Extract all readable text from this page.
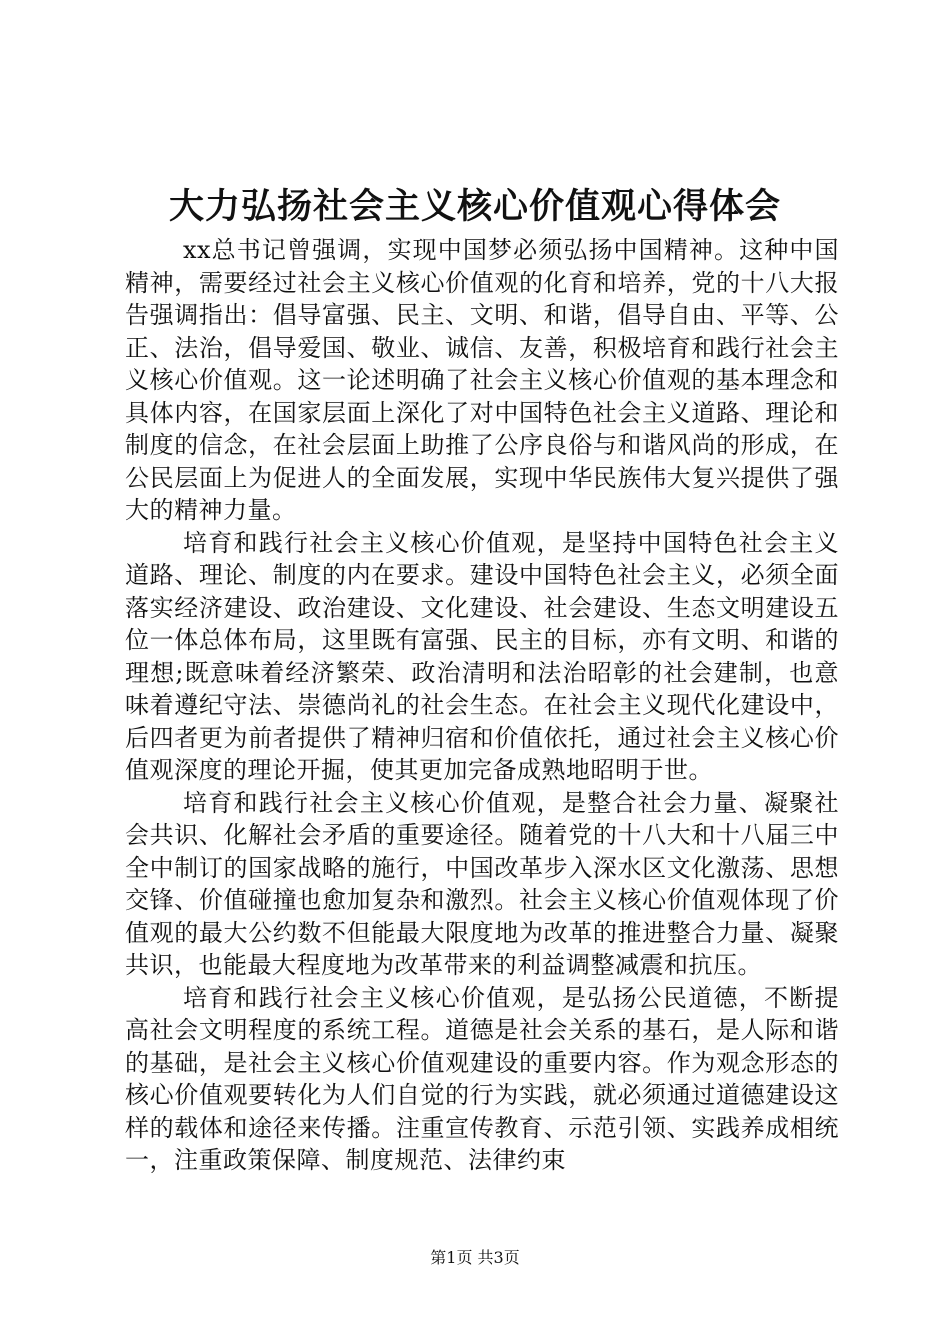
大力弘扬社会主义核心价值观心得体会

xx总书记曾强调，实现中国梦必须弘扬中国精神。这种中国精神，需要经过社会主义核心价值观的化育和培养，党的十八大报告强调指出：倡导富强、民主、文明、和谐，倡导自由、平等、公正、法治，倡导爱国、敬业、诚信、友善，积极培育和践行社会主义核心价值观。这一论述明确了社会主义核心价值观的基本理念和具体内容，在国家层面上深化了对中国特色社会主义道路、理论和制度的信念，在社会层面上助推了公序良俗与和谐风尚的形成，在公民层面上为促进人的全面发展，实现中华民族伟大复兴提供了强大的精神力量。

培育和践行社会主义核心价值观，是坚持中国特色社会主义道路、理论、制度的内在要求。建设中国特色社会主义，必须全面落实经济建设、政治建设、文化建设、社会建设、生态文明建设五位一体总体布局，这里既有富强、民主的目标，亦有文明、和谐的理想;既意味着经济繁荣、政治清明和法治昭彰的社会建制，也意味着遵纪守法、崇德尚礼的社会生态。在社会主义现代化建设中，后四者更为前者提供了精神归宿和价值依托，通过社会主义核心价值观深度的理论开掘，使其更加完备成熟地昭明于世。

培育和践行社会主义核心价值观，是整合社会力量、凝聚社会共识、化解社会矛盾的重要途径。随着党的十八大和十八届三中全中制订的国家战略的施行，中国改革步入深水区文化激荡、思想交锋、价值碰撞也愈加复杂和激烈。社会主义核心价值观体现了价值观的最大公约数不但能最大限度地为改革的推进整合力量、凝聚共识，也能最大程度地为改革带来的利益调整减震和抗压。

培育和践行社会主义核心价值观，是弘扬公民道德，不断提高社会文明程度的系统工程。道德是社会关系的基石，是人际和谐的基础，是社会主义核心价值观建设的重要内容。作为观念形态的核心价值观要转化为人们自觉的行为实践，就必须通过道德建设这样的载体和途径来传播。注重宣传教育、示范引领、实践养成相统一，注重政策保障、制度规范、法律约束

第1页 共3页
